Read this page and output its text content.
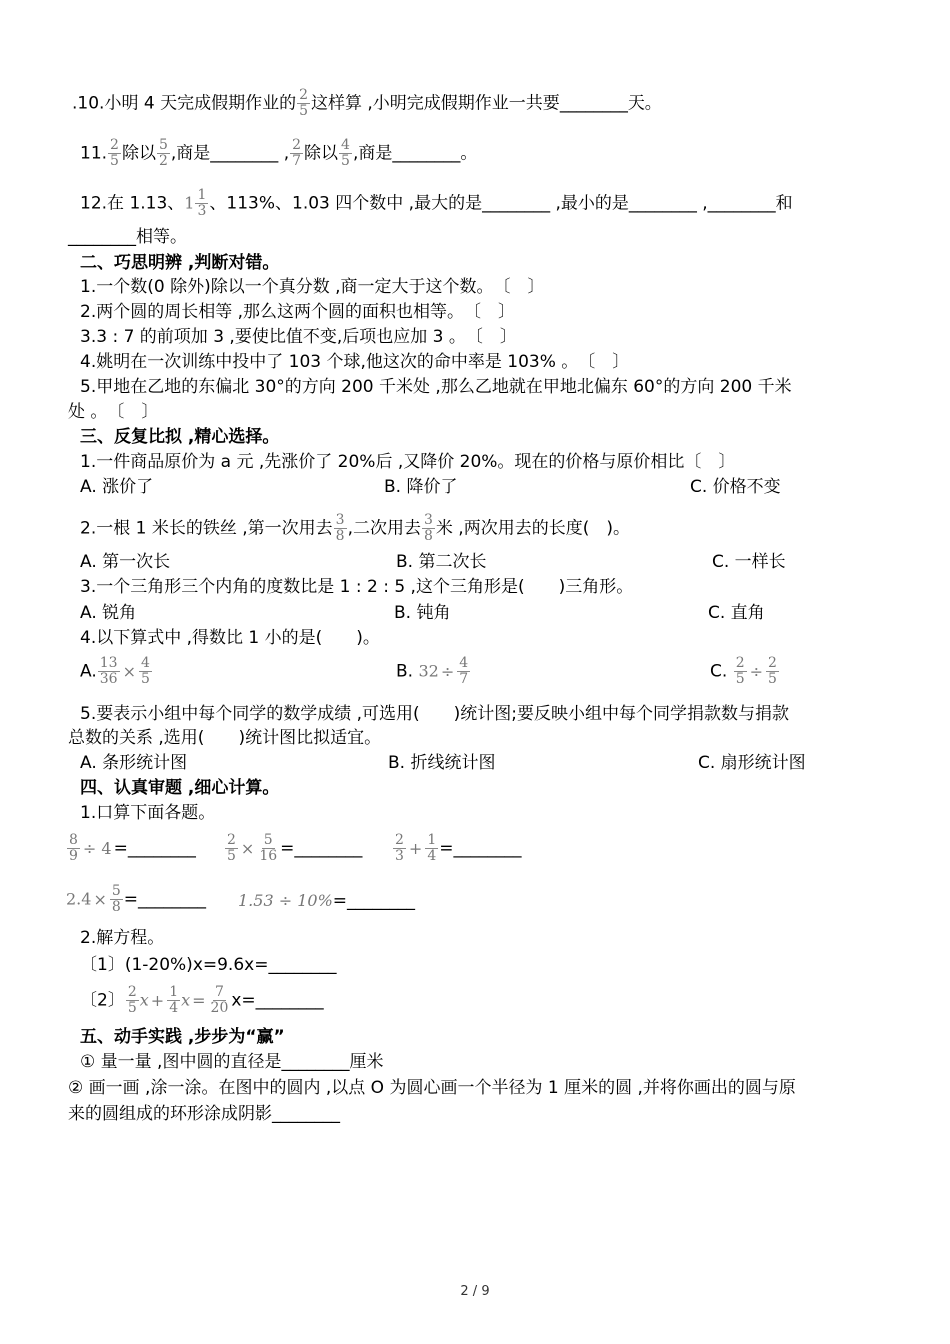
.10.小明 4 天完成假期作业的 $\frac{2}{5}$ 这样算 ,小明完成假期作业一共要________天。
11. $\frac{2}{5}$ 除以 $\frac{5}{2}$ ,商是________ , $\frac{2}{7}$ 除以 $\frac{4}{5}$ ,商是________。
12.在 1.13、$1 \frac{1}{3}$ 、113%、1.03 四个数中 ,最大的是________ ,最小的是________ ,________和
________相等。
二、巧思明辨 ,判断对错。
1.一个数(0 除外)除以一个真分数 ,商一定大于这个数。　〔　〕
2.两个圆的周长相等 ,那么这两个圆的面积也相等。　〔　〕
3.3 : 7 的前项加 3 ,要使比值不变,后项也应加 3 。　〔　〕
4.姚明在一次训练中投中了 103 个球,他这次的命中率是 103% 。　〔　〕
5.甲地在乙地的东偏北 30°的方向 200 千米处 ,那么乙地就在甲地北偏东 60°的方向 200 千米
处 。　〔　〕
三、反复比拟 ,精心选择。
1.一件商品原价为 a 元 ,先涨价了 20%后 ,又降价 20%。现在的价格与原价相比〔　〕
A. 涨价了	B. 降价了	C. 价格不变
2.一根 1 米长的铁丝 ,第一次用去 $\frac{3}{8}$ ,二次用去 $\frac{3}{8}$ 米 ,两次用去的长度(　)。
A. 第一次长	B. 第二次长	C. 一样长
3.一个三角形三个内角的度数比是 1 : 2 : 5 ,这个三角形是(　　)三角形。
A. 锐角	B. 钝角	C. 直角
4.以下算式中 ,得数比 1 小的是(　　)。
A. $\frac{13}{36} \times \frac{4}{5}$	B. $32 \div \frac{4}{7}$	C. $\frac{2}{5} \div \frac{2}{5}$
5.要表示小组中每个同学的数学成绩 ,可选用(　　)统计图;要反映小组中每个同学捐款数与捐款
总数的关系 ,选用(　　)统计图比拟适宜。
A. 条形统计图	B. 折线统计图	C. 扇形统计图
四、认真审题 ,细心计算。
1.口算下面各题。
$\frac{8}{9} \div 4$ =________ $\frac{2}{5} \times \frac{5}{16}$ =________ $\frac{2}{3} + \frac{1}{4}$ =________
$2.4 \times \frac{5}{8}$ =________ 1.53 ÷ 10%=________
2.解方程。
〔1〕(1-20%)x=9.6x=________
〔2〕 $\frac{2}{5}$ $x + \frac{1}{4}$ $x = \frac{7}{20}$ x=________
五、动手实践 ,步步为“赢”
① 量一量 ,图中圆的直径是________厘米
② 画一画 ,涂一涂。在图中的圆内 ,以点 O 为圆心画一个半径为 1 厘米的圆 ,并将你画出的圆与原
来的圆组成的环形涂成阴影________
2 / 9
